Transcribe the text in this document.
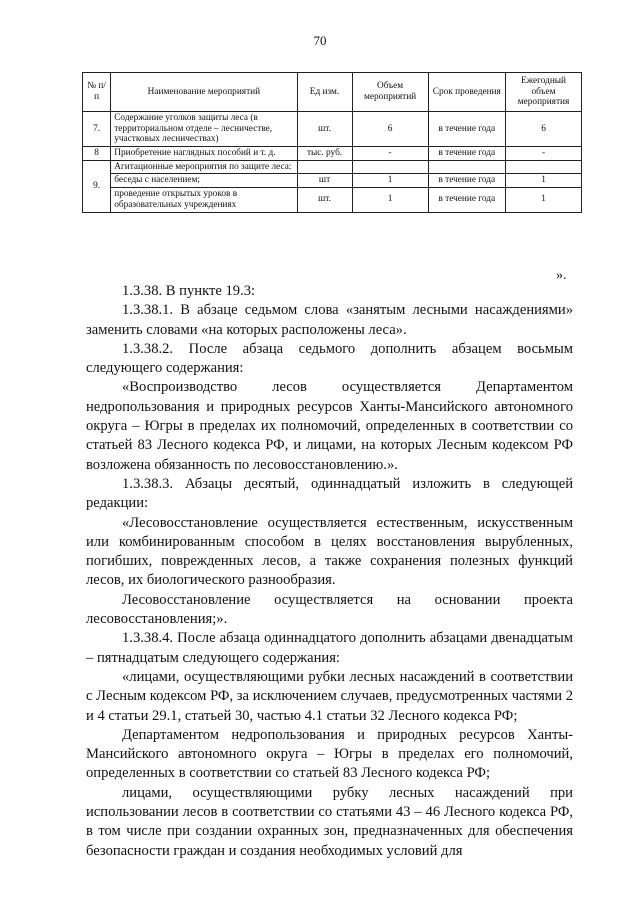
70
№ п/п	Наименование мероприятий	Ед изм.	Объем мероприятий	Срок проведения	Ежегодный объем мероприятия
7.	Содержание уголков защиты леса (в территориальном отделе – лесничестве, участковых лесничествах)	шт.	6	в течение года	6
8	Приобретение наглядных пособий и т. д.	тыс. руб.	-	в течение года	-
9.	Агитационные мероприятия по защите леса:				
	беседы с населением;	шт	1	в течение года	1
	проведение открытых уроков в образовательных учреждениях	шт.	1	в течение года	1
».

1.3.38. В пункте 19.3:

1.3.38.1. В абзаце седьмом слова «занятым лесными насаждениями» заменить словами «на которых расположены леса».

1.3.38.2. После абзаца седьмого дополнить абзацем восьмым следующего содержания:

«Воспроизводство лесов осуществляется Департаментом недропользования и природных ресурсов Ханты-Мансийского автономного округа – Югры в пределах их полномочий, определенных в соответствии со статьей 83 Лесного кодекса РФ, и лицами, на которых Лесным кодексом РФ возложена обязанность по лесовосстановлению.».

1.3.38.3. Абзацы десятый, одиннадцатый изложить в следующей редакции:

«Лесовосстановление осуществляется естественным, искусственным или комбинированным способом в целях восстановления вырубленных, погибших, поврежденных лесов, а также сохранения полезных функций лесов, их биологического разнообразия.

Лесовосстановление осуществляется на основании проекта лесовосстановления;».

1.3.38.4. После абзаца одиннадцатого дополнить абзацами двенадцатым – пятнадцатым следующего содержания:

«лицами, осуществляющими рубки лесных насаждений в соответствии с Лесным кодексом РФ, за исключением случаев, предусмотренных частями 2 и 4 статьи 29.1, статьей 30, частью 4.1 статьи 32 Лесного кодекса РФ;

Департаментом недропользования и природных ресурсов Ханты-Мансийского автономного округа – Югры в пределах его полномочий, определенных в соответствии со статьей 83 Лесного кодекса РФ;

лицами, осуществляющими рубку лесных насаждений при использовании лесов в соответствии со статьями 43 – 46 Лесного кодекса РФ, в том числе при создании охранных зон, предназначенных для обеспечения безопасности граждан и создания необходимых условий для
